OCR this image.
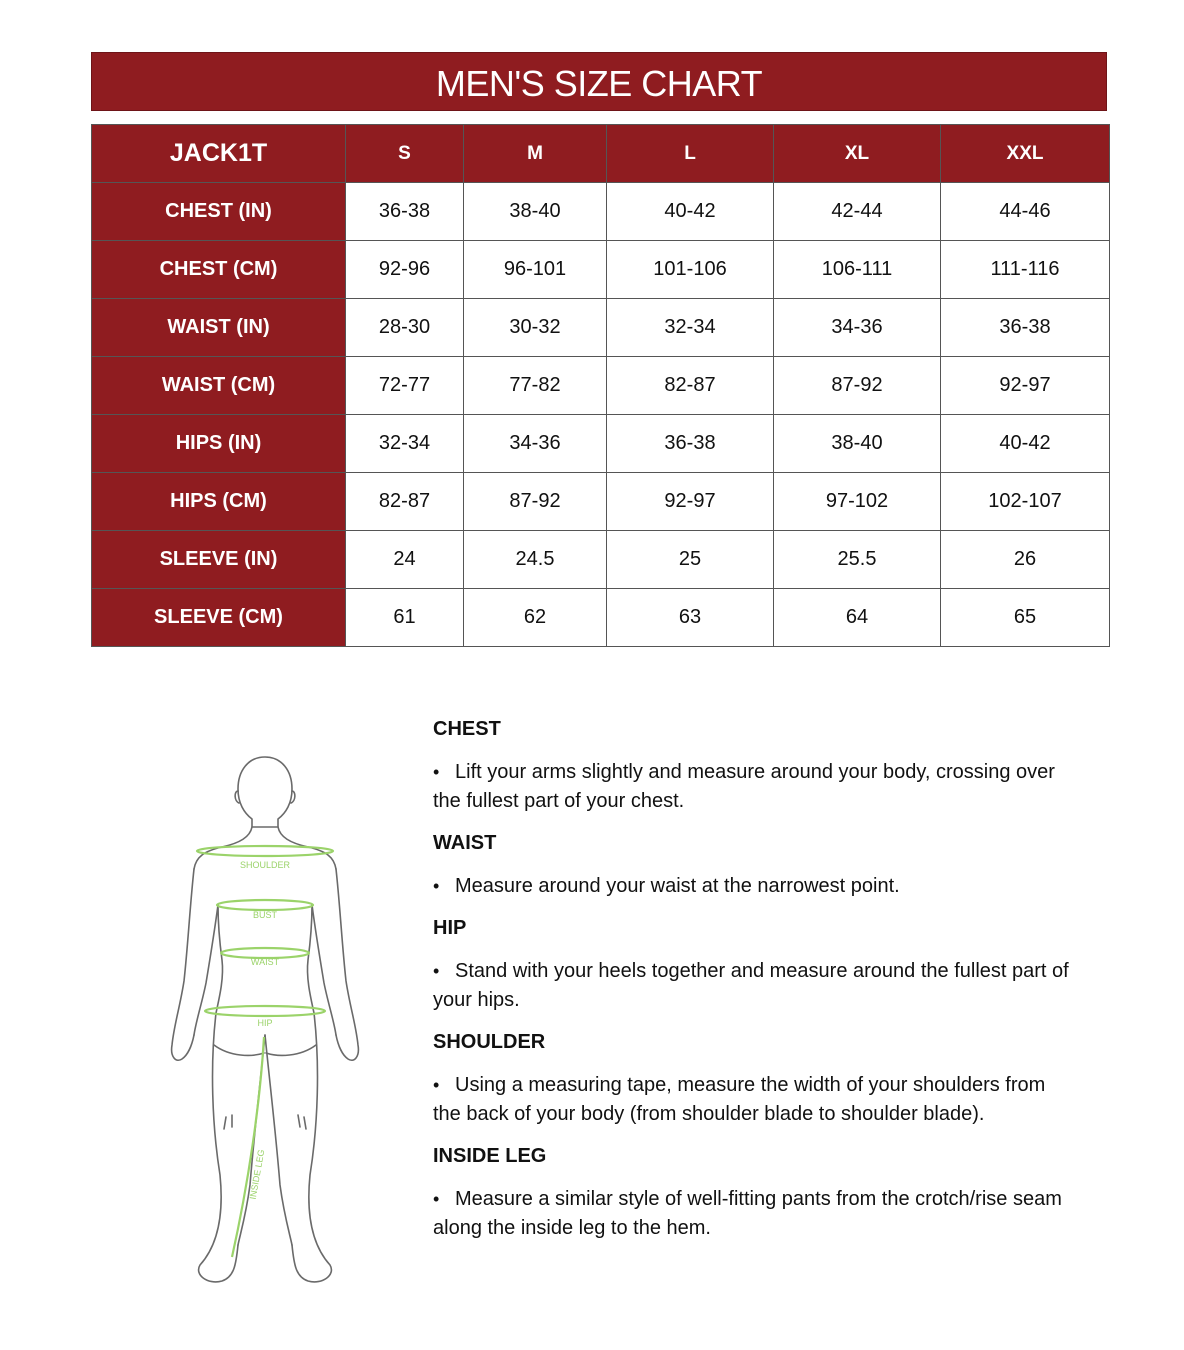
MEN'S SIZE CHART
JACK1T	S	M	L	XL	XXL
CHEST (IN)	36-38	38-40	40-42	42-44	44-46
CHEST (CM)	92-96	96-101	101-106	106-111	111-116
WAIST (IN)	28-30	30-32	32-34	34-36	36-38
WAIST (CM)	72-77	77-82	82-87	87-92	92-97
HIPS (IN)	32-34	34-36	36-38	38-40	40-42
HIPS (CM)	82-87	87-92	92-97	97-102	102-107
SLEEVE (IN)	24	24.5	25	25.5	26
SLEEVE (CM)	61	62	63	64	65
SHOULDER
BUST
WAIST
HIP
INSIDE LEG
CHEST

• Lift your arms slightly and measure around your body, crossing over the fullest part of your chest.

WAIST

• Measure around your waist at the narrowest point.

HIP

• Stand with your heels together and measure around the fullest part of your hips.

SHOULDER

• Using a measuring tape, measure the width of your shoulders from the back of your body (from shoulder blade to shoulder blade).

INSIDE LEG

• Measure a similar style of well-fitting pants from the crotch/rise seam along the inside leg to the hem.
